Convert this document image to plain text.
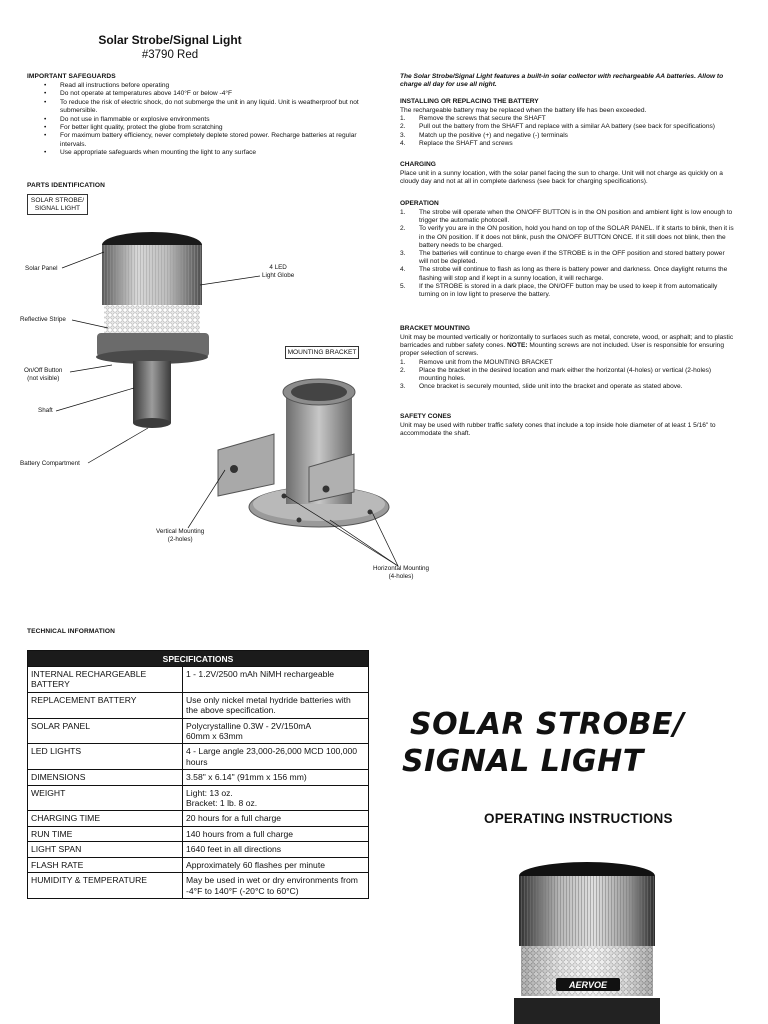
Solar Strobe/Signal Light
#3790 Red
IMPORTANT SAFEGUARDS
• Read all instructions before operating
• Do not operate at temperatures above 140°F or below -4°F
• To reduce the risk of electric shock, do not submerge the unit in any liquid. Unit is weatherproof but not submersible.
• Do not use in flammable or explosive environments
• For better light quality, protect the globe from scratching
• For maximum battery efficiency, never completely deplete stored power. Recharge batteries at regular intervals.
• Use appropriate safeguards when mounting the light to any surface
PARTS IDENTIFICATION
SOLAR STROBE/
SIGNAL LIGHT
MOUNTING BRACKET
Solar Panel	4 LED
Light Globe
Reflective Stripe
On/Off Button
(not visible)
Shaft
Battery Compartment
Vertical Mounting
(2-holes)
Horizontal Mounting
(4-holes)
The Solar Strobe/Signal Light features a built-in solar collector with rechargeable AA batteries. Allow to charge all day for use all night.
INSTALLING OR REPLACING THE BATTERY

The rechargeable battery may be replaced when the battery life has been exceeded.

1. Remove the screws that secure the SHAFT
2. Pull out the battery from the SHAFT and replace with a similar AA battery (see back for specifications)
3. Match up the positive (+) and negative (-) terminals
4. Replace the SHAFT and screws
CHARGING

Place unit in a sunny location, with the solar panel facing the sun to charge. Unit will not charge as quickly on a cloudy day and not at all in complete darkness (see back for charging specifications).

OPERATION
1. The strobe will operate when the ON/OFF BUTTON is in the ON position and ambient light is low enough to trigger the automatic photocell.
2. To verify you are in the ON position, hold you hand on top of the SOLAR PANEL. If it starts to blink, then it is in the ON position. If it does not blink, push the ON/OFF BUTTON ONCE. If it still does not blink, then the battery needs to be charged.
3. The batteries will continue to charge even if the STROBE is in the OFF position and stored battery power will not be depleted.
4. The strobe will continue to flash as long as there is battery power and darkness. Once daylight returns the flashing will stop and if kept in a sunny location, it will recharge.
5. If the STROBE is stored in a dark place, the ON/OFF button may be used to keep it from automatically turning on in low light to preserve the battery.
BRACKET MOUNTING

Unit may be mounted vertically or horizontally to surfaces such as metal, concrete, wood, or asphalt; and to plastic barricades and rubber safety cones. NOTE: Mounting screws are not included. User is responsible for ensuring proper selection of screws.

1. Remove unit from the MOUNTING BRACKET
2. Place the bracket in the desired location and mark either the horizontal (4-holes) or vertical (2-holes) mounting holes.
3. Once bracket is securely mounted, slide unit into the bracket and operate as stated above.
SAFETY CONES

Unit may be used with rubber traffic safety cones that include a top inside hole diameter of at least 1 5/16" to accommodate the shaft.

TECHNICAL INFORMATION
SPECIFICATIONS	
INTERNAL RECHARGEABLE BATTERY	1 - 1.2V/2500 mAh NiMH rechargeable
REPLACEMENT BATTERY	Use only nickel metal hydride batteries with the above specification.
SOLAR PANEL	Polycrystalline 0.3W - 2V/150mA
60mm x 63mm
LED LIGHTS	4 - Large angle 23,000-26,000 MCD 100,000 hours
DIMENSIONS	3.58" x 6.14" (91mm x 156 mm)
WEIGHT	Light: 13 oz.
Bracket: 1 lb. 8 oz.
CHARGING TIME	20 hours for a full charge
RUN TIME	140 hours from a full charge
LIGHT SPAN	1640 feet in all directions
FLASH RATE	Approximately 60 flashes per minute
HUMIDITY & TEMPERATURE	May be used in wet or dry environments from -4°F to 140°F (-20°C to 60°C)
SOLAR STROBE/
SIGNAL LIGHT
OPERATING INSTRUCTIONS
AERVOE
